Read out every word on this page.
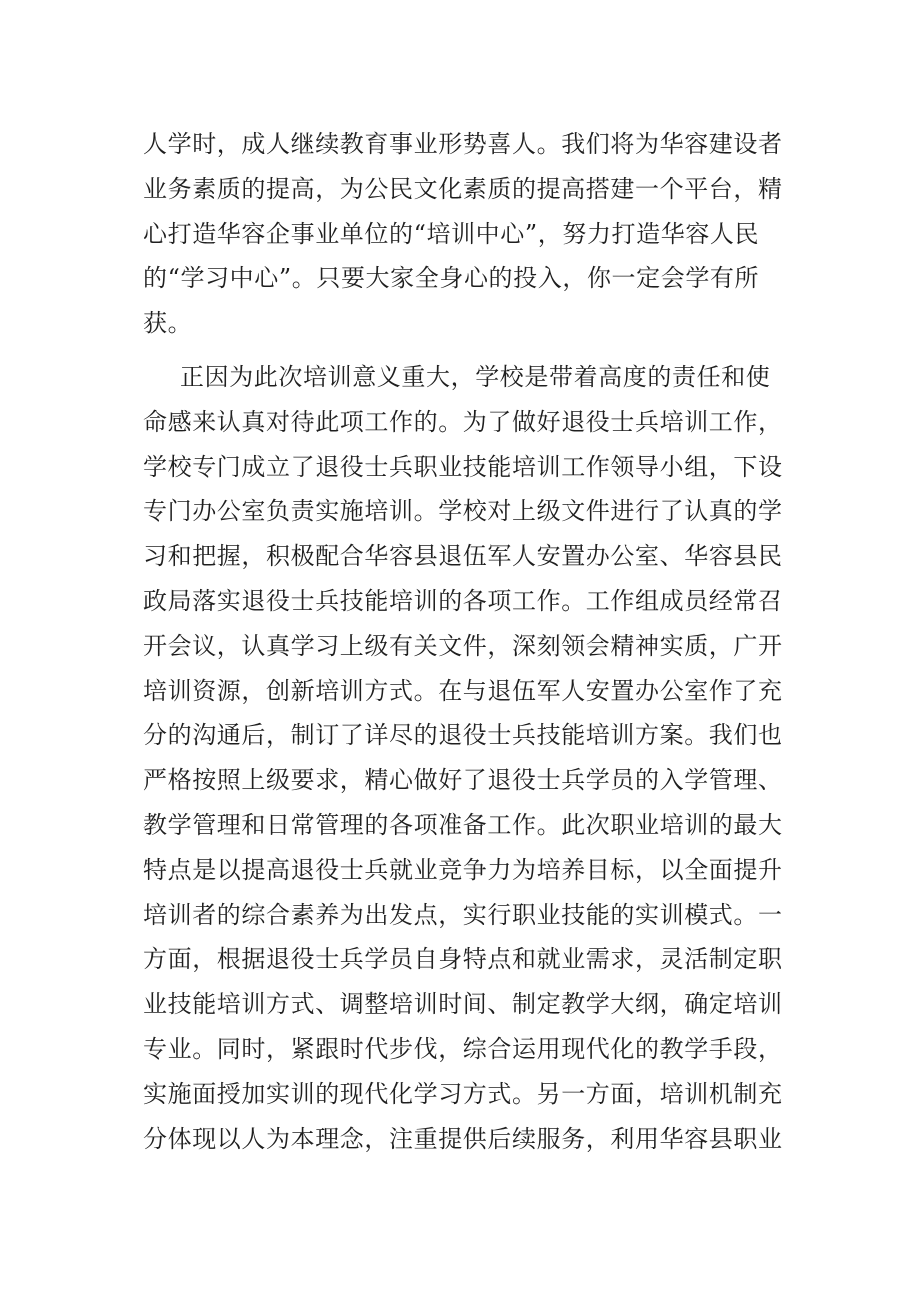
人学时，成人继续教育事业形势喜人。我们将为华容建设者
业务素质的提高，为公民文化素质的提高搭建一个平台，精
心打造华容企事业单位的“培训中心”，努力打造华容人民
的“学习中心”。只要大家全身心的投入，你一定会学有所
获。
正因为此次培训意义重大，学校是带着高度的责任和使
命感来认真对待此项工作的。为了做好退役士兵培训工作，
学校专门成立了退役士兵职业技能培训工作领导小组，下设
专门办公室负责实施培训。学校对上级文件进行了认真的学
习和把握，积极配合华容县退伍军人安置办公室、华容县民
政局落实退役士兵技能培训的各项工作。工作组成员经常召
开会议，认真学习上级有关文件，深刻领会精神实质，广开
培训资源，创新培训方式。在与退伍军人安置办公室作了充
分的沟通后，制订了详尽的退役士兵技能培训方案。我们也
严格按照上级要求，精心做好了退役士兵学员的入学管理、
教学管理和日常管理的各项准备工作。此次职业培训的最大
特点是以提高退役士兵就业竞争力为培养目标，以全面提升
培训者的综合素养为出发点，实行职业技能的实训模式。一
方面，根据退役士兵学员自身特点和就业需求，灵活制定职
业技能培训方式、调整培训时间、制定教学大纲，确定培训
专业。同时，紧跟时代步伐，综合运用现代化的教学手段，
实施面授加实训的现代化学习方式。另一方面，培训机制充
分体现以人为本理念，注重提供后续服务，利用华容县职业
